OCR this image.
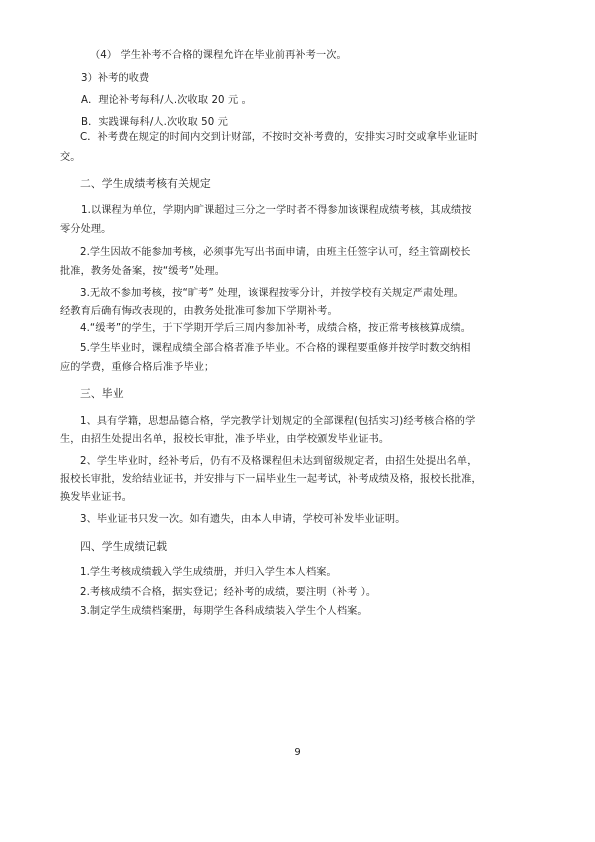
（4） 学生补考不合格的课程允许在毕业前再补考一次。
3）补考的收费
A．理论补考每科/人.次收取 20 元 。
B．实践课每科/人.次收取 50 元
C．补考费在规定的时间内交到计财部，不按时交补考费的，安排实习时交或拿毕业证时
交。
二、学生成绩考核有关规定
1.以课程为单位，学期内旷课超过三分之一学时者不得参加该课程成绩考核，其成绩按
零分处理。
2.学生因故不能参加考核，必须事先写出书面申请，由班主任签字认可，经主管副校长
批准，教务处备案，按“缓考”处理。
3.无故不参加考核，按“旷考” 处理，该课程按零分计，并按学校有关规定严肃处理。
经教育后确有悔改表现的，由教务处批准可参加下学期补考。
4.“缓考”的学生，于下学期开学后三周内参加补考，成绩合格，按正常考核核算成绩。
5.学生毕业时，课程成绩全部合格者准予毕业。不合格的课程要重修并按学时数交纳相
应的学费，重修合格后准予毕业；
三、毕业
1、具有学籍，思想品德合格，学完教学计划规定的全部课程(包括实习)经考核合格的学
生，由招生处提出名单，报校长审批，准予毕业，由学校颁发毕业证书。
2、学生毕业时，经补考后，仍有不及格课程但未达到留级规定者，由招生处提出名单，
报校长审批，发给结业证书，并安排与下一届毕业生一起考试，补考成绩及格，报校长批准，
换发毕业证书。
3、毕业证书只发一次。如有遗失，由本人申请，学校可补发毕业证明。
四、学生成绩记载
1.学生考核成绩载入学生成绩册，并归入学生本人档案。
2.考核成绩不合格，据实登记；经补考的成绩，要注明（补考 ）。
3.制定学生成绩档案册，每期学生各科成绩装入学生个人档案。
9
